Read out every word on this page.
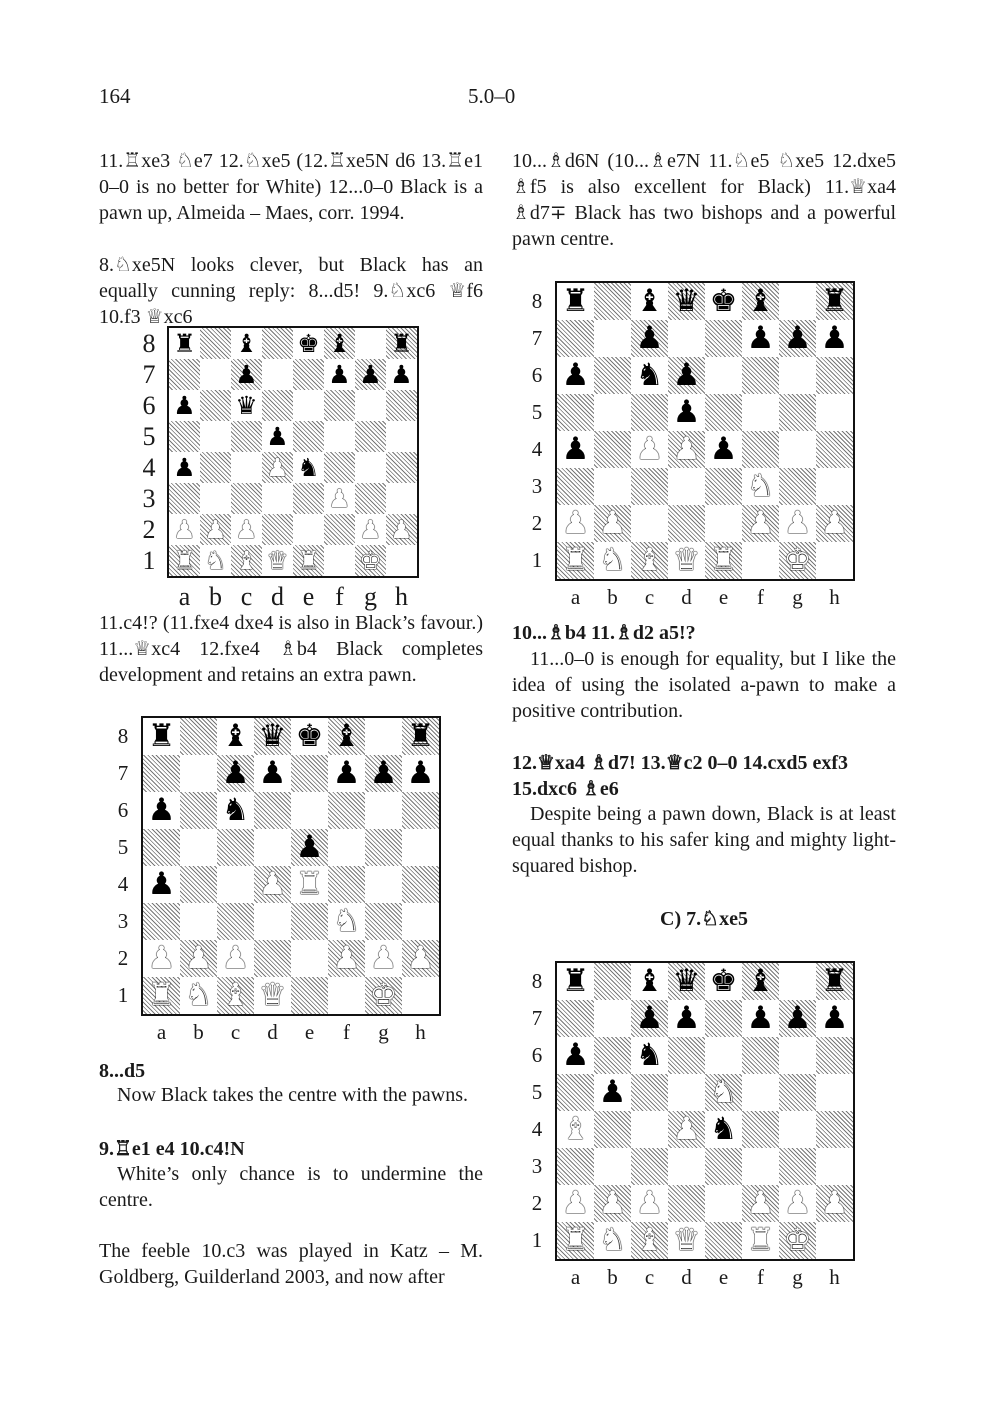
164	5.0–0

11.♖xe3 ♘e7 12.♘xe5 (12.♖xe5N d6 13.♖e1 0–0 is no better for White) 12...0–0 Black is a pawn up, Almeida – Maes, corr. 1994.

8.♘xe5N looks clever, but Black has an equally cunning reply: 8...d5! 9.♘xc6 ♕f6 10.f3 ♕xc6

11.c4!? (11.fxe4 dxe4 is also in Black’s favour.) 11...♕xc4 12.fxe4 ♗b4 Black completes development and retains an extra pawn.

8...d5

Now Black takes the centre with the pawns.

9.♖e1 e4 10.c4!N

White’s only chance is to undermine the centre.

The feeble 10.c3 was played in Katz – M. Goldberg, Guilderland 2003, and now after

10...♗d6N (10...♗e7N 11.♘e5 ♘xe5 12.dxe5 ♗f5 is also excellent for Black) 11.♕xa4 ♗d7∓ Black has two bishops and a powerful pawn centre.

10...♗b4 11.♗d2 a5!?

11...0–0 is enough for equality, but I like the idea of using the isolated a-pawn to make a positive contribution.

12.♕xa4 ♗d7! 13.♕c2 0–0 14.cxd5 exf3 15.dxc6 ♗e6

Despite being a pawn down, Black is at least equal thanks to his safer king and mighty light-squared bishop.

C) 7.♘xe5
♜ ♝ ♚ ♝ ♜
♟	♟ ♟ ♟
♟ ♛
♟
♟	♟ ♞
♟
♟ ♟ ♟	♟ ♟
♜ ♞ ♝ ♛ ♜ ♚
8
7
6
5
4
3
2
1
a b c d e f g h
♜ ♝ ♛ ♚ ♝ ♜
♟ ♟ ♟ ♟ ♟
♟ ♞
♟
♟	♟ ♜
♞
♟ ♟ ♟	♟ ♟ ♟
♜ ♞ ♝ ♛	♚
8
7
6
5
4
3
2
1
a	b	c	d	e	f	g	h
♜ ♝ ♛ ♚ ♝ ♜
♟	♟ ♟ ♟
♟ ♞ ♟
♟
♟ ♟ ♟ ♟
♞
♟ ♟	♟ ♟ ♟
♜ ♞ ♝ ♛ ♜ ♚
8
7
6
5
4
3
2
1
a	b	c	d	e	f	g	h
♜ ♝ ♛ ♚ ♝ ♜
♟ ♟ ♟ ♟ ♟
♟ ♞
♟	♞
♝	♟ ♞
♟ ♟ ♟	♟ ♟ ♟
♜ ♞ ♝ ♛ ♜ ♚
8
7
6
5
4
3
2
1
a	b	c	d	e	f	g	h
